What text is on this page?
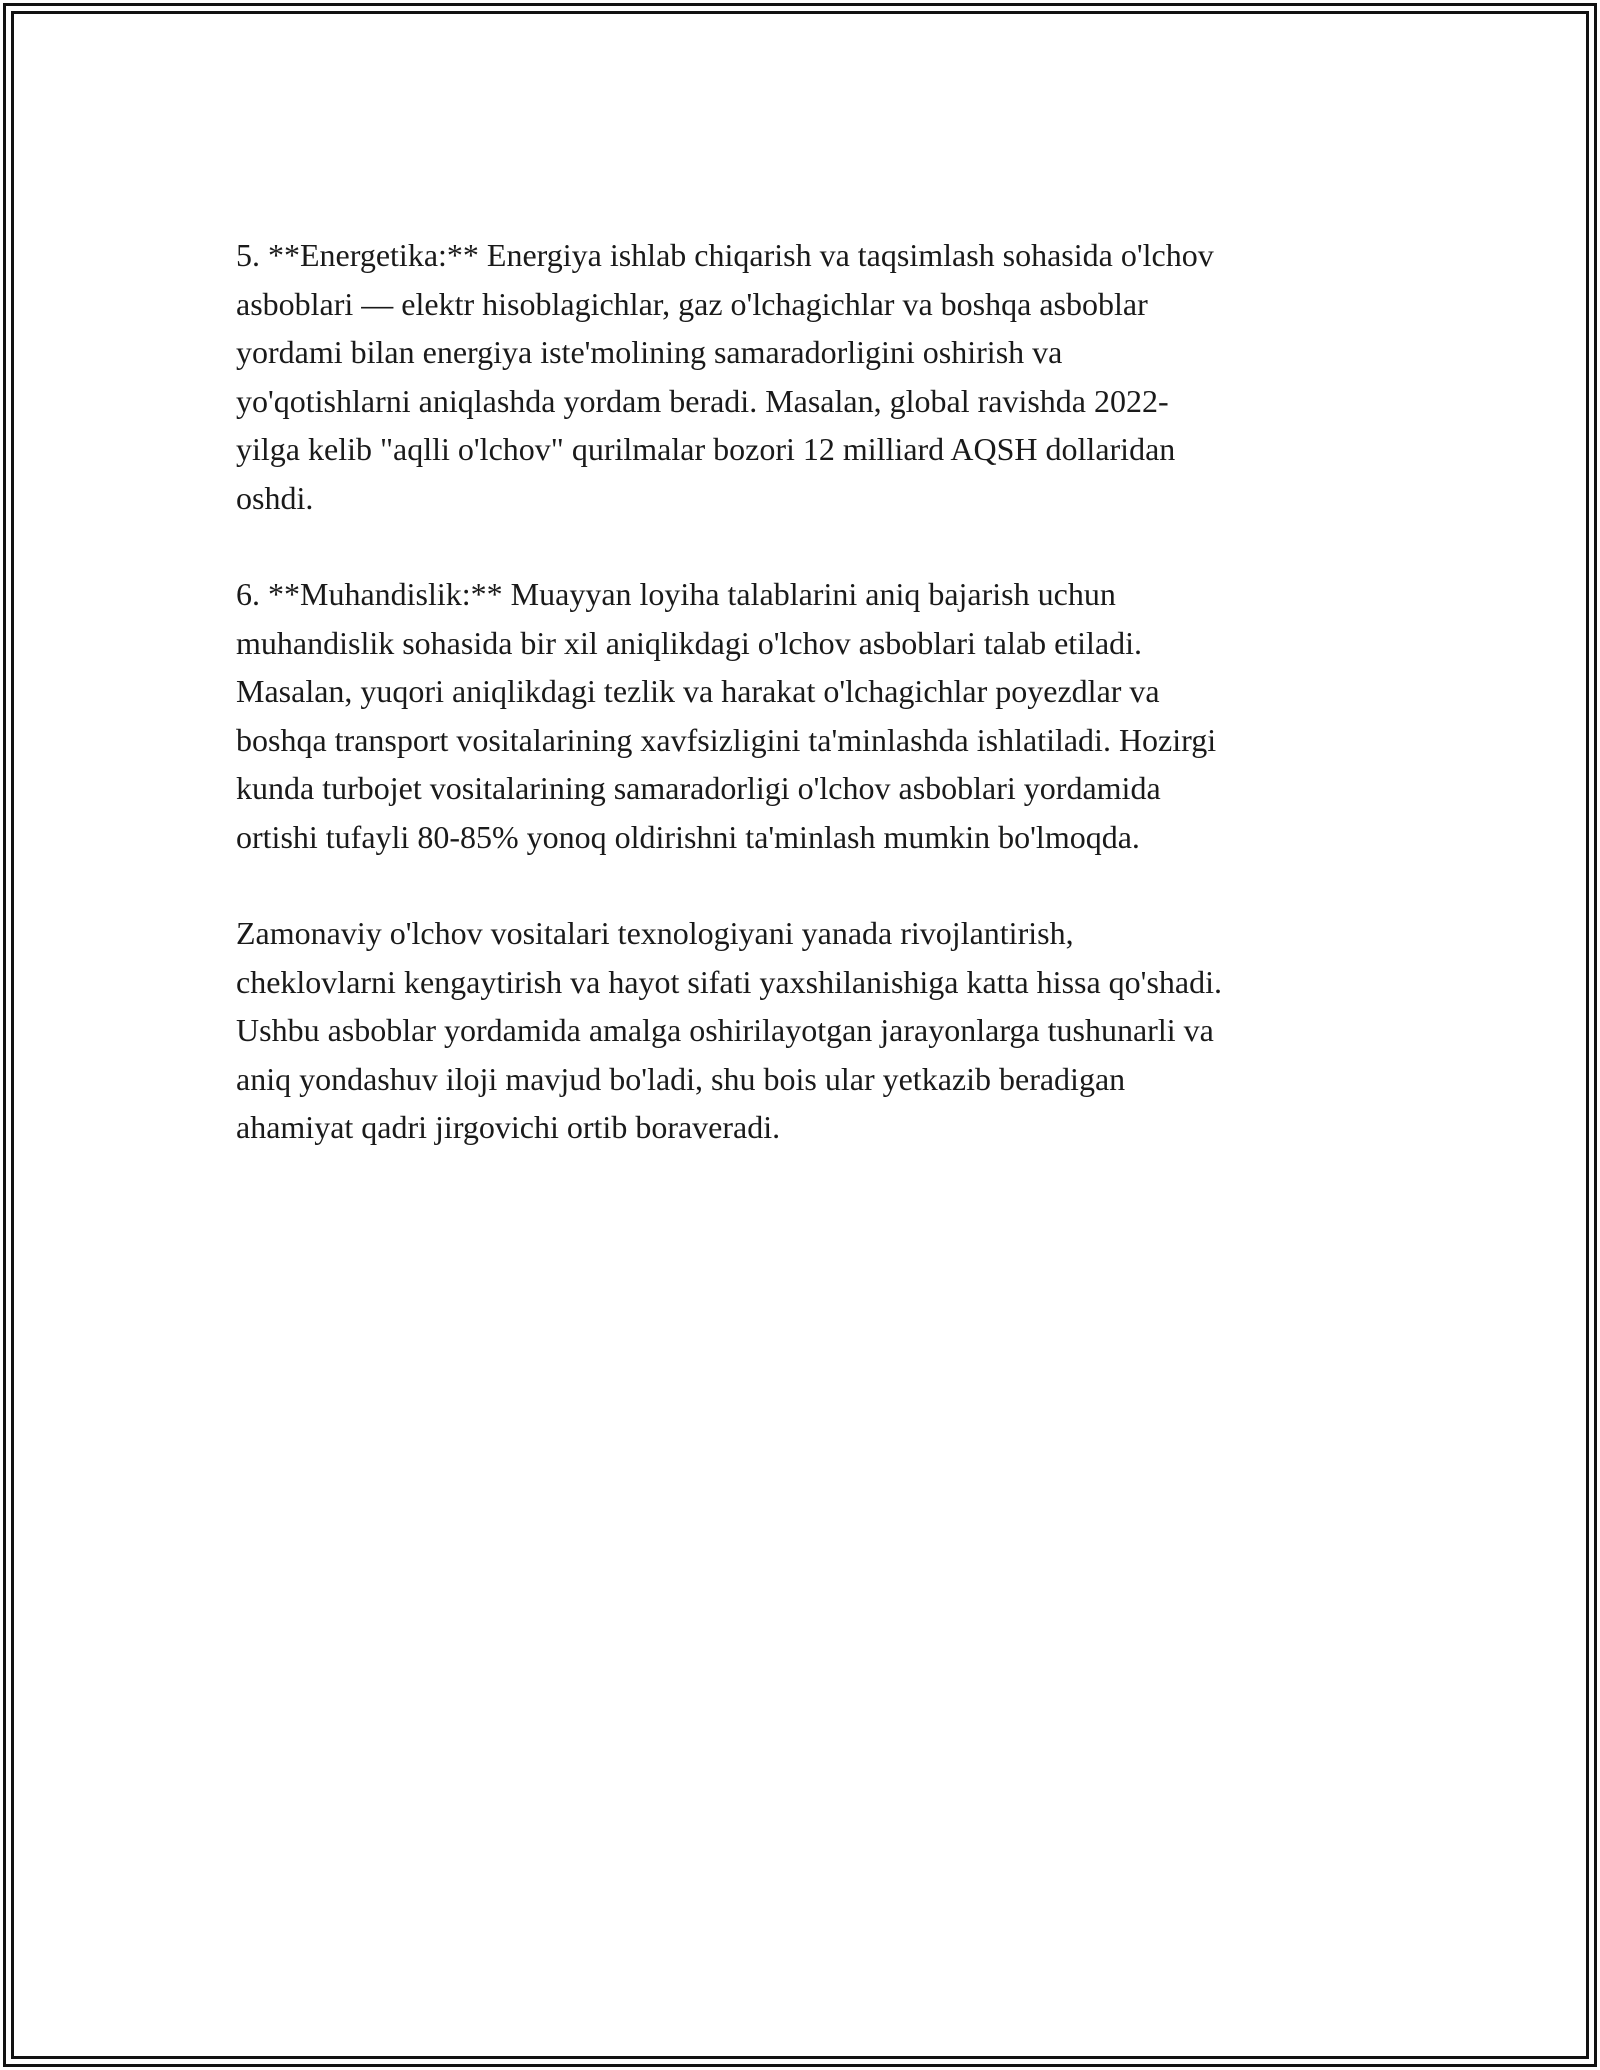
5. **Energetika:** Energiya ishlab chiqarish va taqsimlash sohasida o'lchov
asboblari — elektr hisoblagichlar, gaz o'lchagichlar va boshqa asboblar
yordami bilan energiya iste'molining samaradorligini oshirish va
yo'qotishlarni aniqlashda yordam beradi. Masalan, global ravishda 2022-
yilga kelib "aqlli o'lchov" qurilmalar bozori 12 milliard AQSH dollaridan
oshdi.

6. **Muhandislik:** Muayyan loyiha talablarini aniq bajarish uchun
muhandislik sohasida bir xil aniqlikdagi o'lchov asboblari talab etiladi.
Masalan, yuqori aniqlikdagi tezlik va harakat o'lchagichlar poyezdlar va
boshqa transport vositalarining xavfsizligini ta'minlashda ishlatiladi. Hozirgi
kunda turbojet vositalarining samaradorligi o'lchov asboblari yordamida
ortishi tufayli 80-85% yonoq oldirishni ta'minlash mumkin bo'lmoqda.

Zamonaviy o'lchov vositalari texnologiyani yanada rivojlantirish,
cheklovlarni kengaytirish va hayot sifati yaxshilanishiga katta hissa qo'shadi.
Ushbu asboblar yordamida amalga oshirilayotgan jarayonlarga tushunarli va
aniq yondashuv iloji mavjud bo'ladi, shu bois ular yetkazib beradigan
ahamiyat qadri jirgovichi ortib boraveradi.
